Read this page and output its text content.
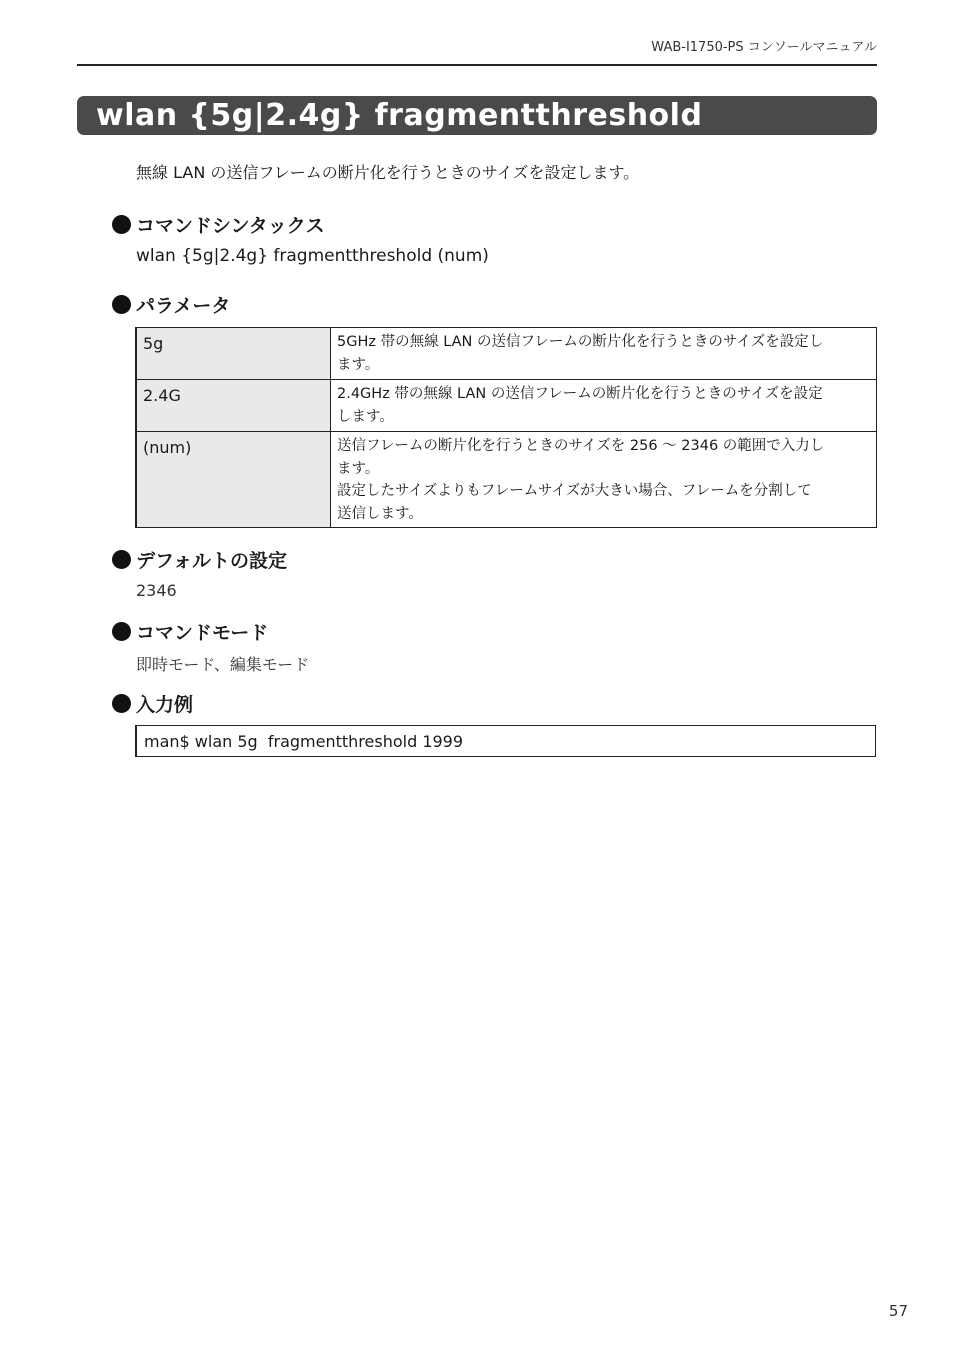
WAB-I1750-PS コンソールマニュアル
wlan {5g|2.4g} fragmentthreshold
無線 LAN の送信フレームの断片化を行うときのサイズを設定します。
コマンドシンタックス
wlan {5g|2.4g} fragmentthreshold (num)
パラメータ
5g	5GHz 帯の無線 LAN の送信フレームの断片化を行うときのサイズを設定し
ます。

2.4G	2.4GHz 帯の無線 LAN の送信フレームの断片化を行うときのサイズを設定
します。

(num)	送信フレームの断片化を行うときのサイズを 256 〜 2346 の範囲で入力し
ます。
設定したサイズよりもフレームサイズが大きい場合、フレームを分割して
送信します。
デフォルトの設定
2346
コマンドモード
即時モード、編集モード
入力例
man$ wlan 5g  fragmentthreshold 1999
57
